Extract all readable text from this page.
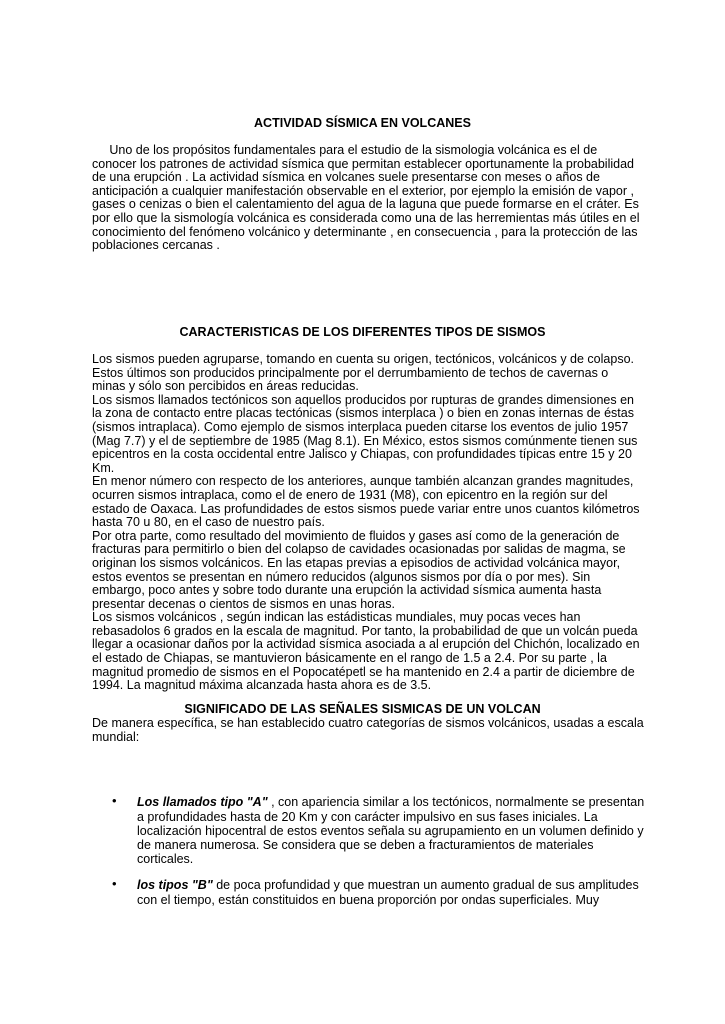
ACTIVIDAD SÍSMICA EN VOLCANES
Uno de los propósitos fundamentales para el estudio de la sismologia volcánica es el de
conocer los patrones de actividad sísmica que permitan establecer oportunamente la probabilidad
de una erupción . La actividad sísmica en volcanes suele presentarse con meses o años de
anticipación a cualquier manifestación observable en el exterior, por ejemplo la emisión de vapor ,
gases o cenizas o bien el calentamiento del agua de la laguna que puede formarse en el cráter. Es
por ello que la sismología volcánica es considerada como una de las herremientas más útiles en el
conocimiento del fenómeno volcánico y determinante , en consecuencia , para la protección de las
poblaciones cercanas .
CARACTERISTICAS DE LOS DIFERENTES TIPOS DE SISMOS
Los sismos pueden agruparse, tomando en cuenta su origen, tectónicos, volcánicos y de colapso.
Estos últimos son producidos principalmente por el derrumbamiento de techos de cavernas o
minas y sólo son percibidos en áreas reducidas.
Los sismos llamados tectónicos son aquellos producidos por rupturas de grandes dimensiones en
la zona de contacto entre placas tectónicas (sismos interplaca ) o bien en zonas internas de éstas
(sismos intraplaca). Como ejemplo de sismos interplaca pueden citarse los eventos de julio 1957
(Mag 7.7) y el de septiembre de 1985 (Mag 8.1). En México, estos sismos comúnmente tienen sus
epicentros en la costa occidental entre Jalisco y Chiapas, con profundidades típicas entre 15 y 20
Km.
En menor número con respecto de los anteriores, aunque también alcanzan grandes magnitudes,
ocurren sismos intraplaca, como el de enero de 1931 (M8), con epicentro en la región sur del
estado de Oaxaca. Las profundidades de estos sismos puede variar entre unos cuantos kilómetros
hasta 70 u 80, en el caso de nuestro país.
Por otra parte, como resultado del movimiento de fluidos y gases así como de la generación de
fracturas para permitirlo o bien del colapso de cavidades ocasionadas por salidas de magma, se
originan los sismos volcánicos. En las etapas previas a episodios de actividad volcánica mayor,
estos eventos se presentan en número reducidos (algunos sismos por día o por mes). Sin
embargo, poco antes y sobre todo durante una erupción la actividad sísmica aumenta hasta
presentar decenas o cientos de sismos en unas horas.
Los sismos volcánicos , según indican las estádisticas mundiales, muy pocas veces han
rebasadolos 6 grados en la escala de magnitud. Por tanto, la probabilidad de que un volcán pueda
llegar a ocasionar daños por la actividad sísmica asociada a al erupción del Chichón, localizado en
el estado de Chiapas, se mantuvieron básicamente en el rango de 1.5 a 2.4. Por su parte , la
magnitud promedio de sismos en el Popocatépetl se ha mantenido en 2.4 a partir de diciembre de
1994. La magnitud máxima alcanzada hasta ahora es de 3.5.
SIGNIFICADO DE LAS SEÑALES SISMICAS DE UN VOLCAN
De manera específica, se han establecido cuatro categorías de sismos volcánicos, usadas a escala
mundial:
• Los llamados tipo "A" , con apariencia similar a los tectónicos, normalmente se presentan
a profundidades hasta de 20 Km y con carácter impulsivo en sus fases iniciales. La
localización hipocentral de estos eventos señala su agrupamiento en un volumen definido y
de manera numerosa. Se considera que se deben a fracturamientos de materiales
corticales.
• los tipos "B" de poca profundidad y que muestran un aumento gradual de sus amplitudes
con el tiempo, están constituidos en buena proporción por ondas superficiales. Muy
